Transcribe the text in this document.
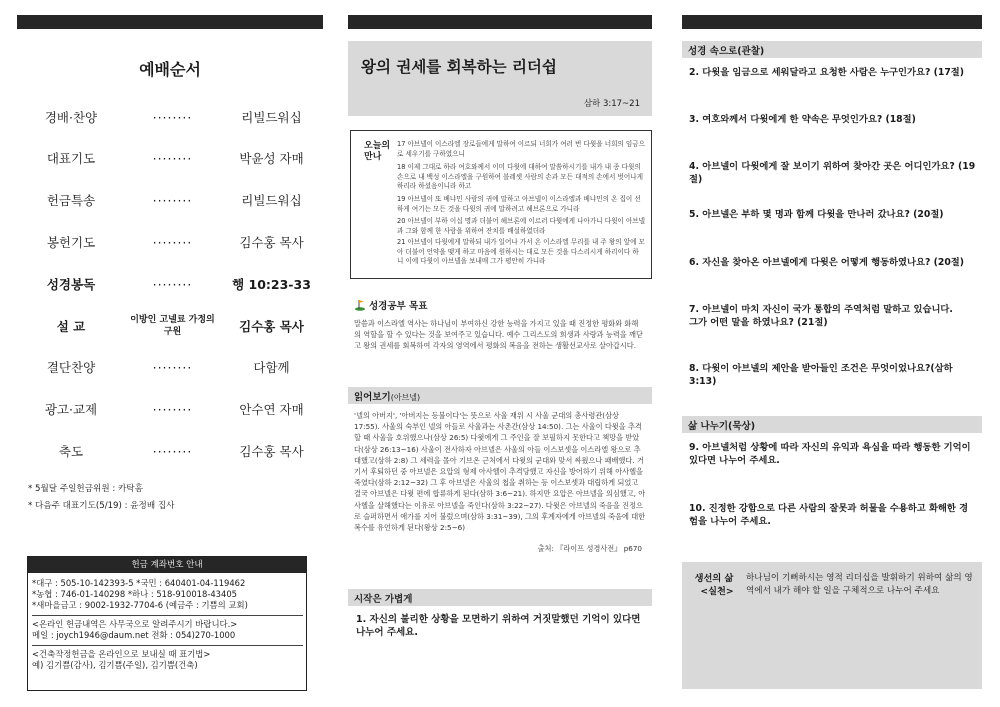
예배순서
경배·찬양	········	리빌드워십
대표기도	········	박윤성 자매
헌금특송	········	리빌드워십
봉헌기도	········	김수홍 목사
성경봉독	········	행 10:23-33
설 교	이방인 고넬료 가정의 구원	김수홍 목사
결단찬양	········	다함께
광고·교제	········	안수연 자매
축도	········	김수홍 목사
* 5월달 주일헌금위원 : 카탁홈
* 다음주 대표기도(5/19) : 윤정배 집사
헌금 계좌번호 안내
*대구 : 505-10-142393-5 *국민 : 640401-04-119462
*농협 : 746-01-140298 *하나 : 518-910018-43405
*새마을금고 : 9002-1932-7704-6 (예금주 : 기쁨의 교회)
<온라인 헌금내역은 사무국으로 알려주시기 바랍니다.>
메일 : joych1946@daum.net 전화 : 054)270-1000
<건축작정헌금을 온라인으로 보내실 때 표기법>
예) 김기쁨(감사), 김기쁨(주일), 김기쁨(건축)
왕의 권세를 회복하는 리더쉽
삼하 3:17~21
오늘의
만나
17 아브넬이 이스라엘 장로들에게 말하여 이르되 너희가 여러 번 다윗을 너희의 임금으로 세우기를 구하였으니
18 이제 그대로 하라 여호와께서 이미 다윗에 대하여 말씀하시기를 내가 내 종 다윗의 손으로 내 백성 이스라엘을 구원하여 블레셋 사람의 손과 모든 대적의 손에서 벗어나게 하리라 하셨음이니라 하고
19 아브넬이 또 베냐민 사람의 귀에 말하고 아브넬이 이스라엘과 베냐민의 온 집이 선하게 여기는 모든 것을 다윗의 귀에 말하려고 헤브론으로 가니라
20 아브넬이 부하 이십 명과 더불어 헤브론에 이르러 다윗에게 나아가니 다윗이 아브넬과 그와 함께 한 사람을 위하여 잔치를 배설하였더라
21 아브넬이 다윗에게 말하되 내가 일어나 가서 온 이스라엘 무리를 내 주 왕의 앞에 모아 더불어 언약을 맺게 하고 마음에 원하시는 대로 모든 것을 다스리시게 하리이다 하니 이에 다윗이 아브넬을 보내매 그가 평안히 가니라
성경공부 목표
말씀과 이스라엘 역사는 하나님이 부여하신 강한 능력을 가지고 있을 때 진정한 평화와 화해의 역할을 할 수 있다는 것을 보여주고 있습니다. 예수 그리스도의 희생과 사랑과 능력을 깨닫고 왕의 권세를 회복하여 각자의 영역에서 평화의 복음을 전하는 생활선교사로 살아갑시다.
읽어보기(아브넬)
'넬의 아버지', '아버지는 등불이다'는 뜻으로 사울 재위 시 사울 군대의 총사령관(삼상 17:55). 사울의 숙부인 넬의 아들로 사울과는 사촌간(삼상 14:50). 그는 사울이 다윗을 추격할 때 사울을 호위했으나(삼상 26:5) 다윗에게 그 주인을 잘 보필하지 못한다고 책망을 받았다(삼상 26:13~16) 사울이 전사하자 아브넬은 사울의 아들 이스보셋을 이스라엘 왕으로 추대했고(삼하 2:8) 그 세력을 몰아 기브온 근처에서 다윗의 군대와 맞서 싸웠으나 패배했다. 거기서 후퇴하던 중 아브넬은 요압의 형제 아사헬이 추격당했고 자신을 방어하기 위해 아사헬을 죽였다(삼하 2:12~32) 그 후 아브넬은 사울의 첩을 취하는 등 이스보셋과 대립하게 되었고 결국 아브넬은 다윗 편에 합류하게 된다(삼하 3:6~21). 하지만 요압은 아브넬을 의심했고, 아사헬을 살해했다는 이유로 아브넬을 죽인다(삼하 3:22~27). 다윗은 아브넬의 죽음을 진정으로 슬퍼하면서 애가를 지어 불렀으며(삼하 3:31~39), 그의 후계자에게 아브넬의 죽음에 대한 복수를 유언하게 된다(왕상 2:5~6)
출처: 『라이프 성경사전』 p670
시작은 가볍게
1. 자신의 불리한 상황을 모면하기 위하여 거짓말했던 기억이 있다면 나누어 주세요.
성경 속으로(관찰)
2. 다윗을 임금으로 세워달라고 요청한 사람은 누구인가요? (17절)
3. 여호와께서 다윗에게 한 약속은 무엇인가요? (18절)
4. 아브넬이 다윗에게 잘 보이기 위하여 찾아간 곳은 어디인가요? (19절)
5. 아브넬은 부하 몇 명과 함께 다윗을 만나러 갔나요? (20절)
6. 자신을 찾아온 아브넬에게 다윗은 어떻게 행동하였나요? (20절)
7. 아브넬이 마치 자신이 국가 통합의 주역처럼 말하고 있습니다. 그가 어떤 말을 하였나요? (21절)
8. 다윗이 아브넬의 제안을 받아들인 조건은 무엇이었나요?(삼하 3:13)
삶 나누기(묵상)
9. 아브넬처럼 상황에 따라 자신의 유익과 욕심을 따라 행동한 기억이 있다면 나누어 주세요.
10. 진정한 강함으로 다른 사람의 잘못과 허물을 수용하고 화해한 경험을 나누어 주세요.
생선의 삶
<실천>
하나님이 기뻐하시는 영적 리더십을 발휘하기 위하여 삶의 영역에서 내가 해야 할 일을 구체적으로 나누어 주세요
